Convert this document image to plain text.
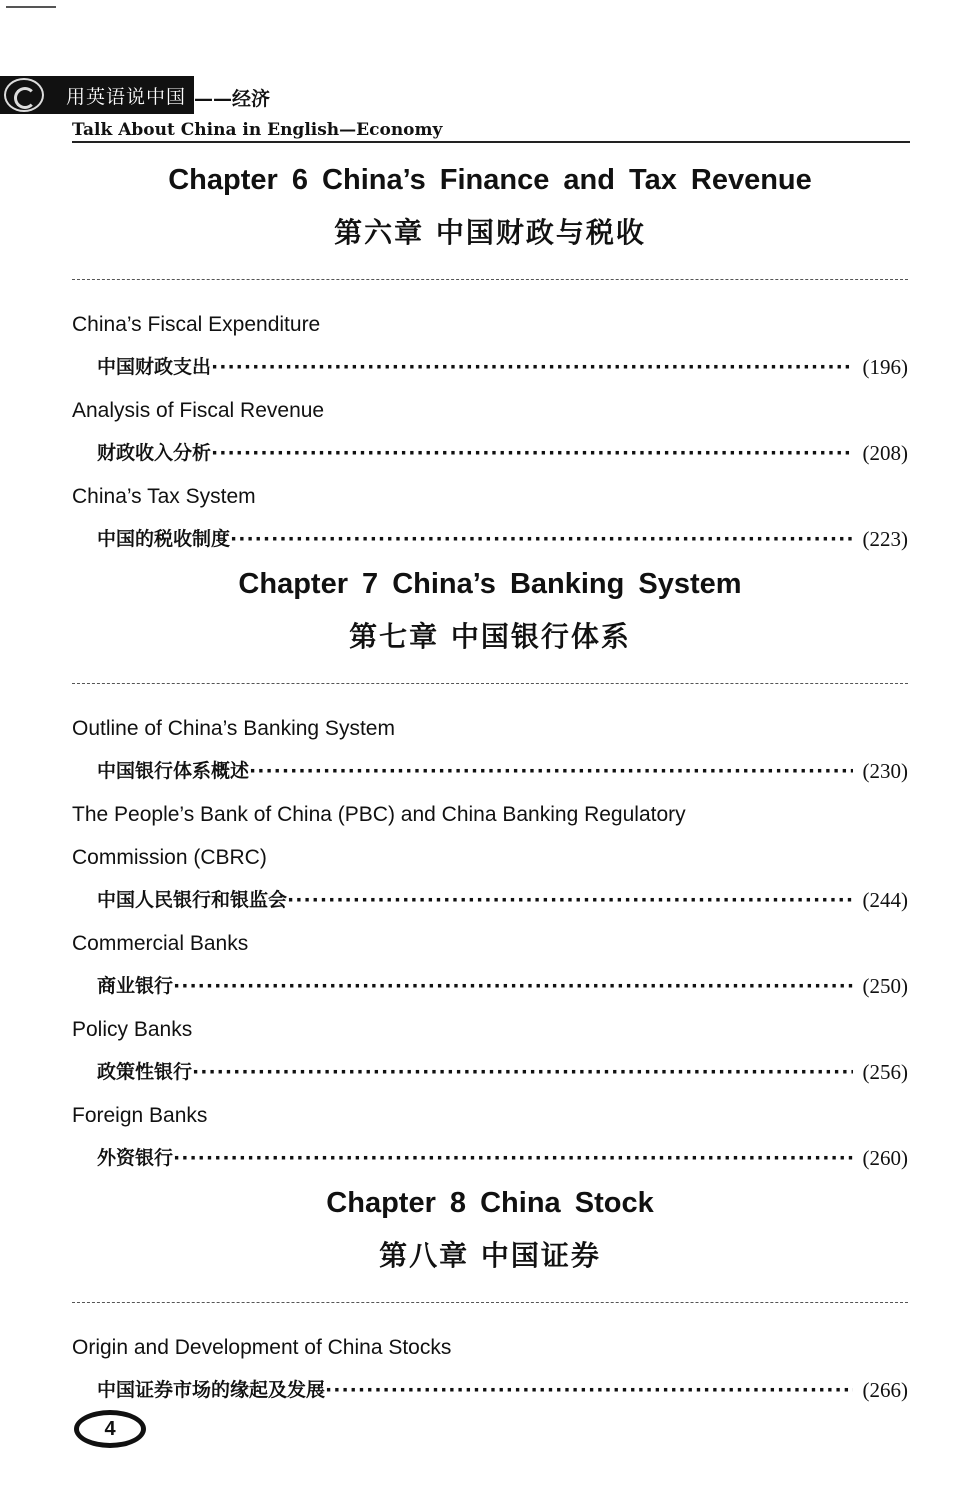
用英语说中国 ——经济
Talk About China in English—Economy
Chapter 6 China’s Finance and Tax Revenue
第六章 中国财政与税收
China’s Fiscal Expenditure
中国财政支出 ·····	(196)
Analysis of Fiscal Revenue
财政收入分析 ·····	(208)
China’s Tax System
中国的税收制度 ·····	(223)
Chapter 7 China’s Banking System
第七章 中国银行体系
Outline of China’s Banking System
中国银行体系概述 ·····	(230)
The People’s Bank of China (PBC) and China Banking Regulatory
Commission (CBRC)
中国人民银行和银监会 ·····	(244)
Commercial Banks
商业银行 ·····	(250)
Policy Banks
政策性银行 ·····	(256)
Foreign Banks
外资银行 ·····	(260)
Chapter 8 China Stock
第八章 中国证券
Origin and Development of China Stocks
中国证券市场的缘起及发展 ·····	(266)
4
